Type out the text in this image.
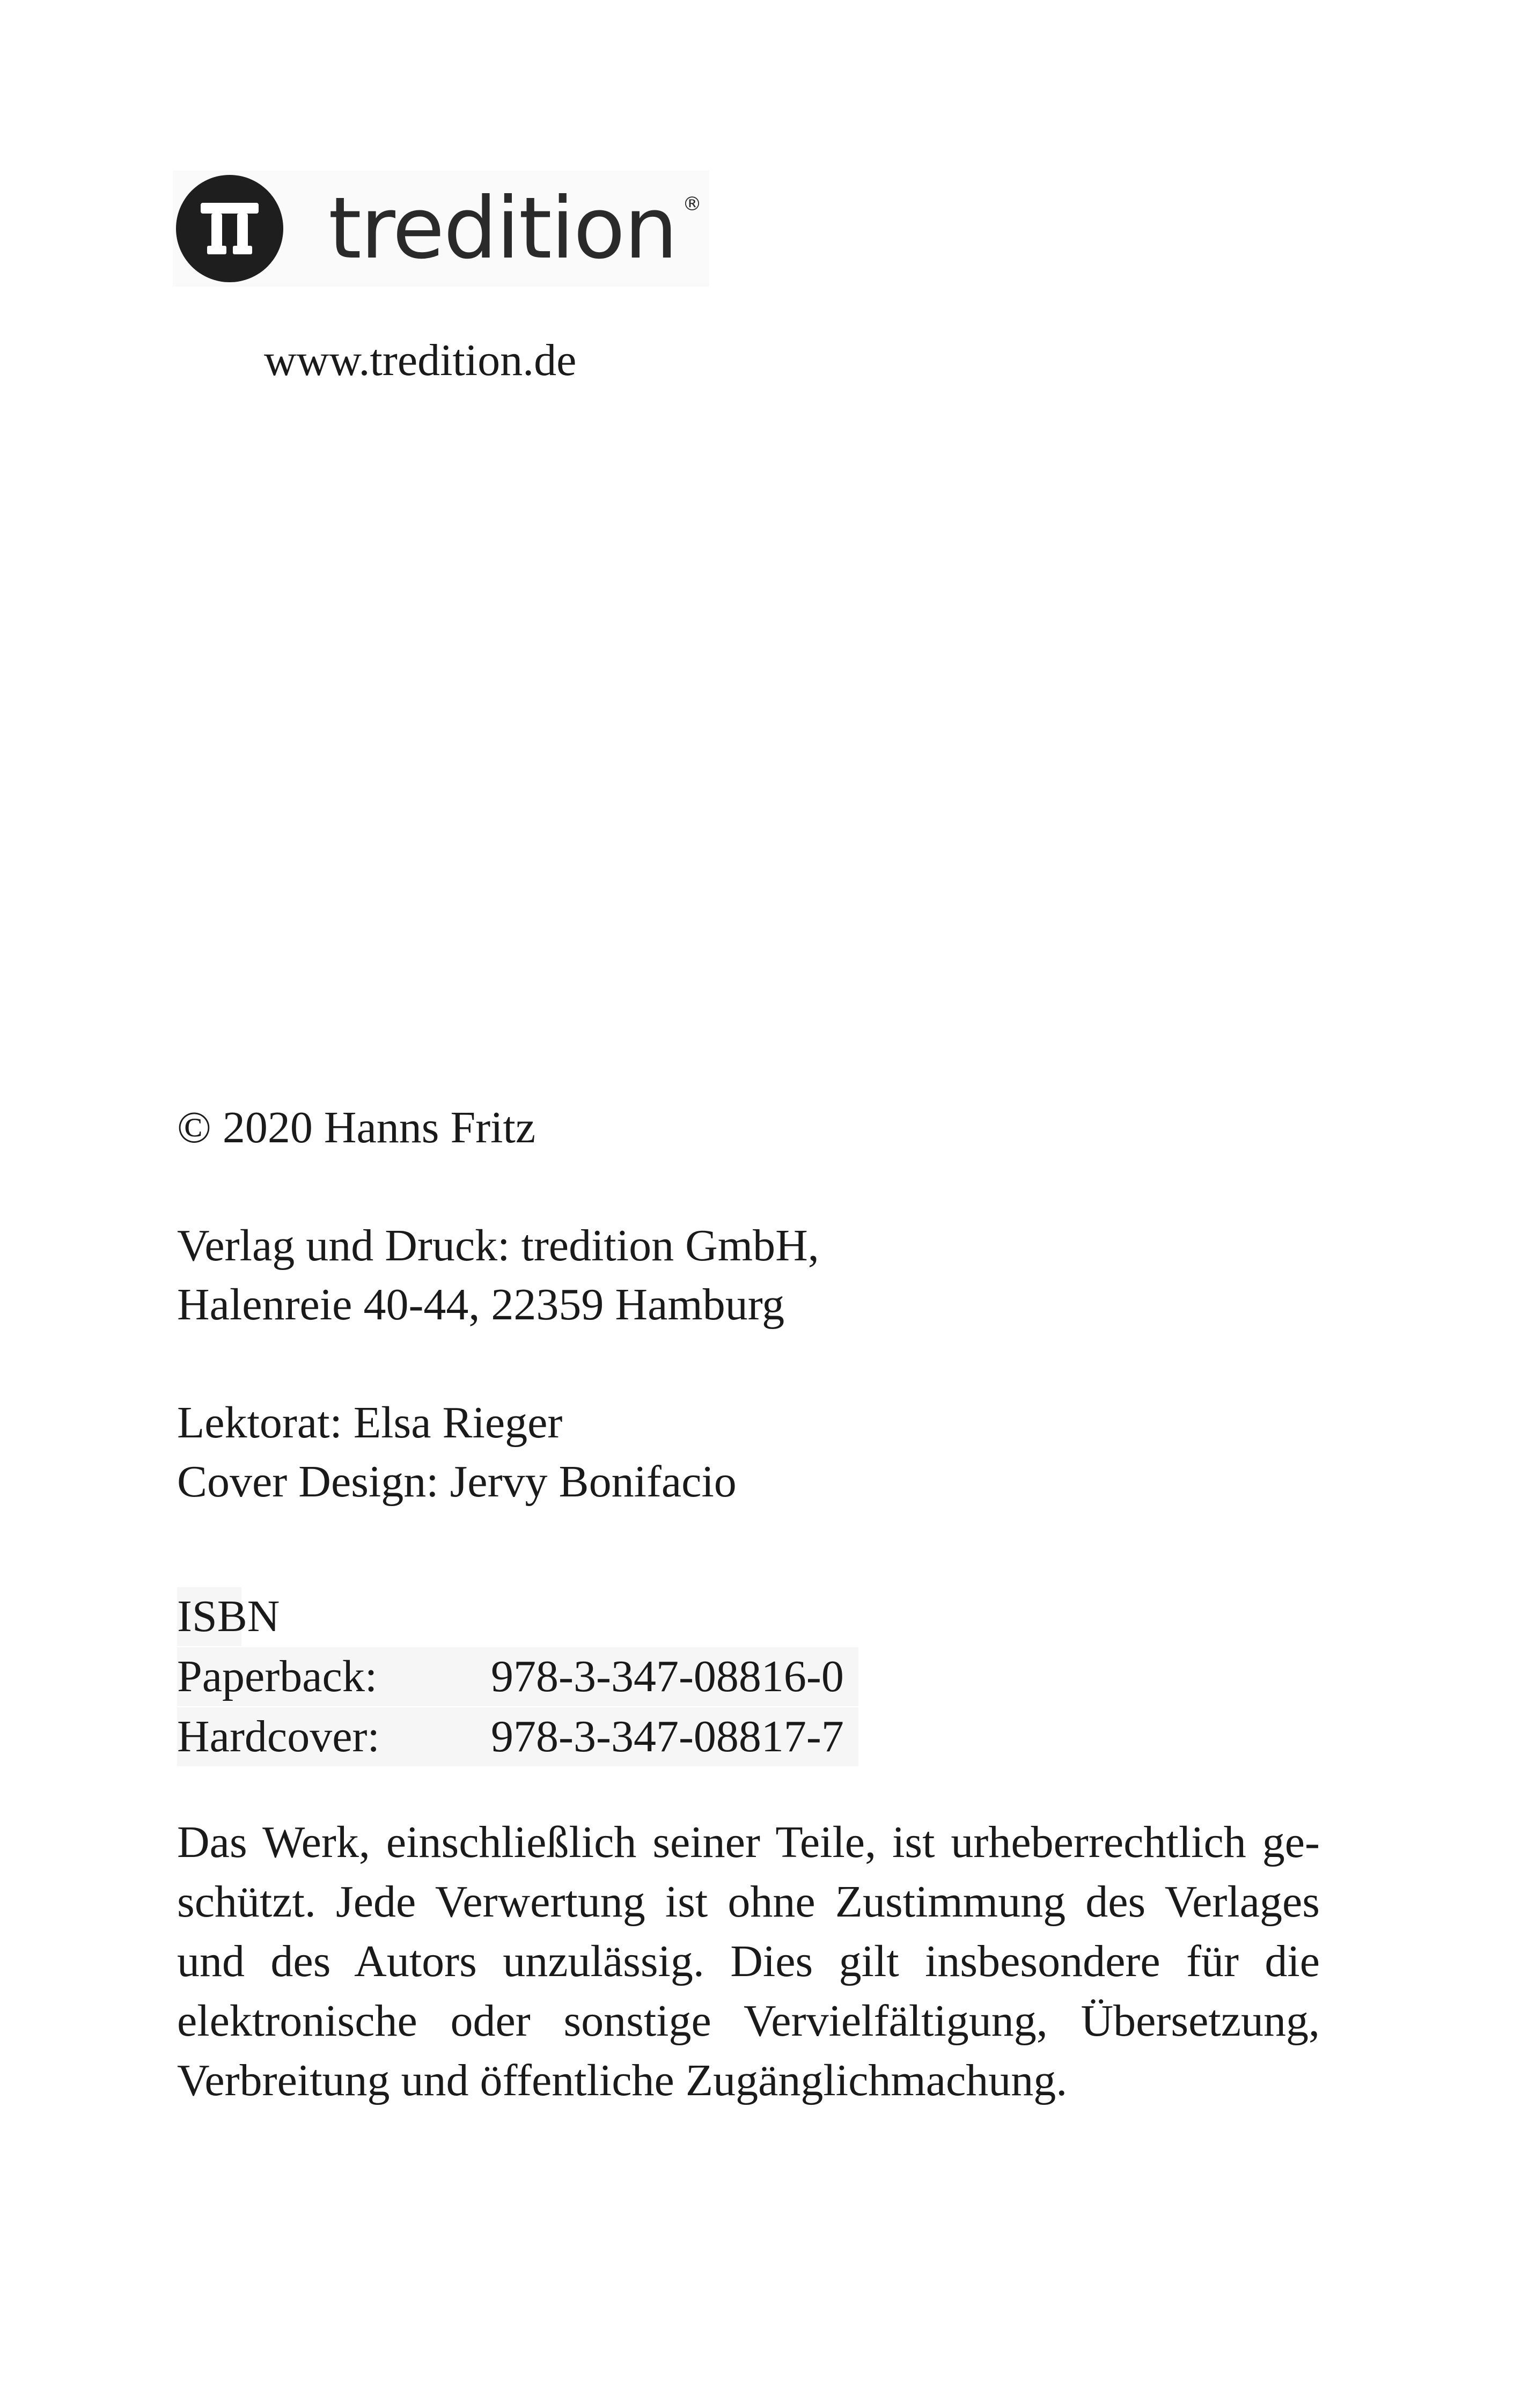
tredition ®
www.tredition.de
© 2020 Hanns Fritz
Verlag und Druck: tredition GmbH,
Halenreie 40-44, 22359 Hamburg
Lektorat: Elsa Rieger
Cover Design: Jervy Bonifacio
ISBN
Paperback:	978-3-347-08816-0
Hardcover:	978-3-347-08817-7
Das Werk, einschließlich seiner Teile, ist urheberrechtlich geschützt. Jede Verwertung ist ohne Zustimmung des Verlages und des Autors unzulässig. Dies gilt insbesondere für die elektronische oder sonstige Vervielfältigung, Übersetzung, Verbreitung und öffentliche Zugänglichmachung.
